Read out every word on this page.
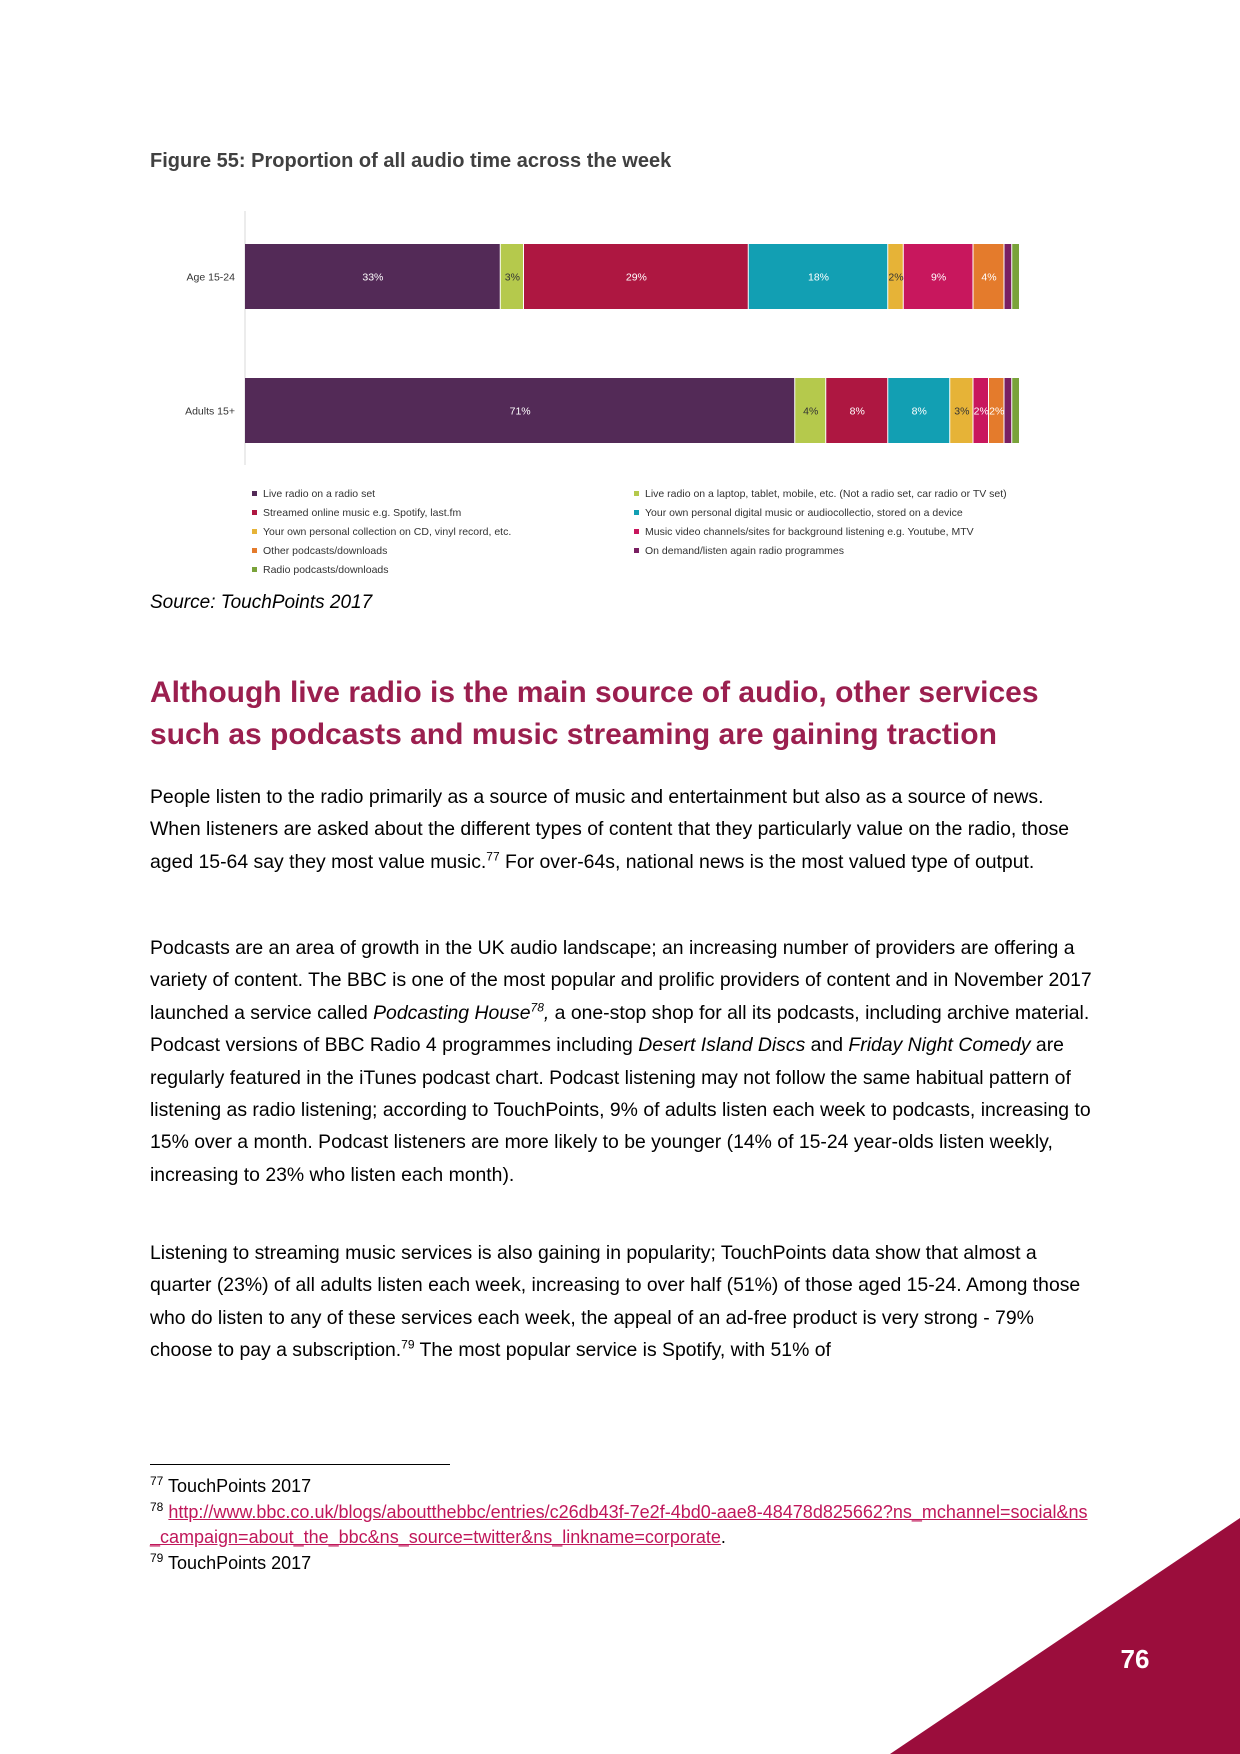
Figure 55: Proportion of all audio time across the week
33%	3%	29%	18%	2%	9%	4%
71%	4%	8%	8%	3% 2% 2%
Age 15-24
Adults 15+
Live radio on a radio set	Live radio on a laptop, tablet, mobile, etc. (Not a radio set, car radio or TV set)
Streamed online music e.g. Spotify, last.fm	Your own personal digital music or audiocollectio, stored on a device
Your own personal collection on CD, vinyl record, etc.	Music video channels/sites for background listening e.g. Youtube, MTV
Other podcasts/downloads	On demand/listen again radio programmes
Radio podcasts/downloads
Source: TouchPoints 2017
Although live radio is the main source of audio, other services such as podcasts and music streaming are gaining traction

People listen to the radio primarily as a source of music and entertainment but also as a source of news. When listeners are asked about the different types of content that they particularly value on the radio, those aged 15-64 say they most value music.$^{77}$ For over-64s, national news is the most valued type of output.

Podcasts are an area of growth in the UK audio landscape; an increasing number of providers are offering a variety of content. The BBC is one of the most popular and prolific providers of content and in November 2017 launched a service called Podcasting House$^{78}$, a one-stop shop for all its podcasts, including archive material. Podcast versions of BBC Radio 4 programmes including Desert Island Discs and Friday Night Comedy are regularly featured in the iTunes podcast chart. Podcast listening may not follow the same habitual pattern of listening as radio listening; according to TouchPoints, 9% of adults listen each week to podcasts, increasing to 15% over a month. Podcast listeners are more likely to be younger (14% of 15-24 year-olds listen weekly, increasing to 23% who listen each month).

Listening to streaming music services is also gaining in popularity; TouchPoints data show that almost a quarter (23%) of all adults listen each week, increasing to over half (51%) of those aged 15-24. Among those who do listen to any of these services each week, the appeal of an ad-free product is very strong - 79% choose to pay a subscription.$^{79}$ The most popular service is Spotify, with 51% of

$^{77}$ TouchPoints 2017
$^{78}$ http://www.bbc.co.uk/blogs/aboutthebbc/entries/c26db43f-7e2f-4bd0-aae8-48478d825662?ns_mchannel=social&ns_campaign=about_the_bbc&ns_source=twitter&ns_linkname=corporate.
$^{79}$ TouchPoints 2017
76
